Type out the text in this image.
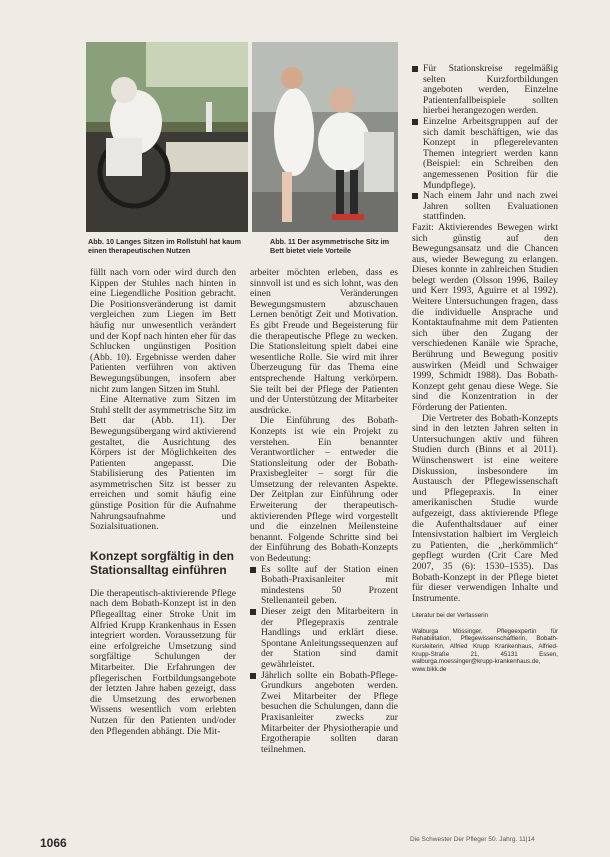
Abb. 10 Langes Sitzen im Rollstuhl hat kaum einen therapeutischen Nutzen
Abb. 11 Der asymmetrische Sitz im Bett bietet viele Vorteile

füllt nach vorn oder wird durch den Kippen der Stuhles nach hinten in eine Liegendliche Position gebracht. Die Positionsveränderung ist damit vergleichen zum Liegen im Bett häufig nur unwesentlich verändert und der Kopf nach hinten eher für das Schlucken ungünstigen Position (Abb. 10). Ergebnisse werden daher Patienten verführen von aktiven Bewegungsübungen, insofern aber nicht zum langen Sitzen im Stuhl.

Eine Alternative zum Sitzen im Stuhl stellt der asymmetrische Sitz im Bett dar (Abb. 11). Der Bewegungsübergang wird aktivierend gestaltet, die Ausrichtung des Körpers ist der Möglichkeiten des Patienten angepasst. Die Stabilisierung des Patienten im asymmetrischen Sitz ist besser zu erreichen und somit häufig eine günstige Position für die Aufnahme Nahrungsaufnahme und Sozialsituationen.

Konzept sorgfältig in den Stationsalltag einführen

Die therapeutisch-aktivierende Pflege nach dem Bobath-Konzept ist in den Pflegealltag einer Stroke Unit im Alfried Krupp Krankenhaus in Essen integriert worden. Voraussetzung für eine erfolgreiche Umsetzung sind sorgfältige Schulungen der Mitarbeiter. Die Erfahrungen der pflegerischen Fortbildungsangebote der letzten Jahre haben gezeigt, dass die Umsetzung des erworbenen Wissens wesentlich vom erlebten Nutzen für den Patienten und/oder den Pflegenden abhängt. Die Mit-

arbeiter möchten erleben, dass es sinnvoll ist und es sich lohnt, was den einen Veränderungen Bewegungsmustern abzuschauen Lernen benötigt Zeit und Motivation. Es gibt Freude und Begeisterung für die therapeutische Pflege zu wecken. Die Stationsleitung spielt dabei eine wesentliche Rolle. Sie wird mit ihrer Überzeugung für das Thema eine entsprechende Haltung verkörpern. Sie teilt bei der Pflege der Patienten und der Unterstützung der Mitarbeiter ausdrücke.

Die Einführung des Bobath-Konzepts ist wie ein Projekt zu verstehen. Ein benannter Verantwortlicher – entweder die Stationsleitung oder der Bobath-Praxisbegleiter – sorgt für die Umsetzung der relevanten Aspekte. Der Zeitplan zur Einführung oder Erweiterung der therapeutisch-aktivierenden Pflege wird vorgestellt und die einzelnen Meilensteine benannt. Folgende Schritte sind bei der Einführung des Bobath-Konzepts von Bedeutung:

Es sollte auf der Station einen Bobath-Praxisanleiter mit mindestens 50 Prozent Stellenanteil geben.
Dieser zeigt den Mitarbeitern in der Pflegepraxis zentrale Handlings und erklärt diese. Spontane Anleitungssequenzen auf der Station sind damit gewährleistet.
Jährlich sollte ein Bobath-Pflege-Grundkurs angeboten werden. Zwei Mitarbeiter der Pflege besuchen die Schulungen, dann die Praxisanleiter zwecks zur Mitarbeiter der Physiotherapie und Ergotherapie sollten daran teilnehmen.
Für Stationskreise regelmäßig selten Kurzfortbildungen angeboten werden, Einzelne Patientenfallbeispiele sollten hierbei herangezogen werden.
Einzelne Arbeitsgruppen auf der sich damit beschäftigen, wie das Konzept in pflegerelevanten Themen integriert werden kann (Beispiel: ein Schreiben den angemessenen Position für die Mundpflege).
Nach einem Jahr und nach zwei Jahren sollten Evaluationen stattfinden.

Fazit: Aktivierendes Bewegen wirkt sich günstig auf den Bewegungsansatz und die Chancen aus, wieder Bewegung zu erlangen. Dieses konnte in zahlreichen Studien belegt werden (Olsson 1996, Bailey und Kerr 1993, Aguirre et al 1992). Weitere Untersuchungen fragen, dass die individuelle Ansprache und Kontaktaufnahme mit dem Patienten sich über den Zugang der verschiedenen Kanäle wie Sprache, Berührung und Bewegung positiv auswirken (Meidl und Schwaiger 1999, Schmidt 1988). Das Bobath-Konzept geht genau diese Wege. Sie sind die Konzentration in der Förderung der Patienten.

Die Vertreter des Bobath-Konzepts sind in den letzten Jahren selten in Untersuchungen aktiv und führen Studien durch (Binns et al 2011). Wünschenswert ist eine weitere Diskussion, insbesondere im Austausch der Pflegewissenschaft und Pflegepraxis. In einer amerikanischen Studie wurde aufgezeigt, dass aktivierende Pflege die Aufenthaltsdauer auf einer Intensivstation halbiert im Vergleich zu Patienten, die „herkömmlich“ gepflegt wurden (Crit Care Med 2007, 35 (6): 1530–1535). Das Bobath-Konzept in der Pflege bietet für dieser verwendigen Inhalte und Instrumente.

Literatur bei der Verfasserin

Walburga Mössinger, Pflegeexpertin für Rehabilitation, Pflegewissenschaftlerin, Bobath-Kursleiterin, Alfried Krupp Krankenhaus, Alfried-Krupp-Straße 21, 45131 Essen, walburga.moessinger@krupp-krankenhaus.de, www.bikk.de

1066	Die Schwester Der Pfleger 50. Jahrg. 11|14
